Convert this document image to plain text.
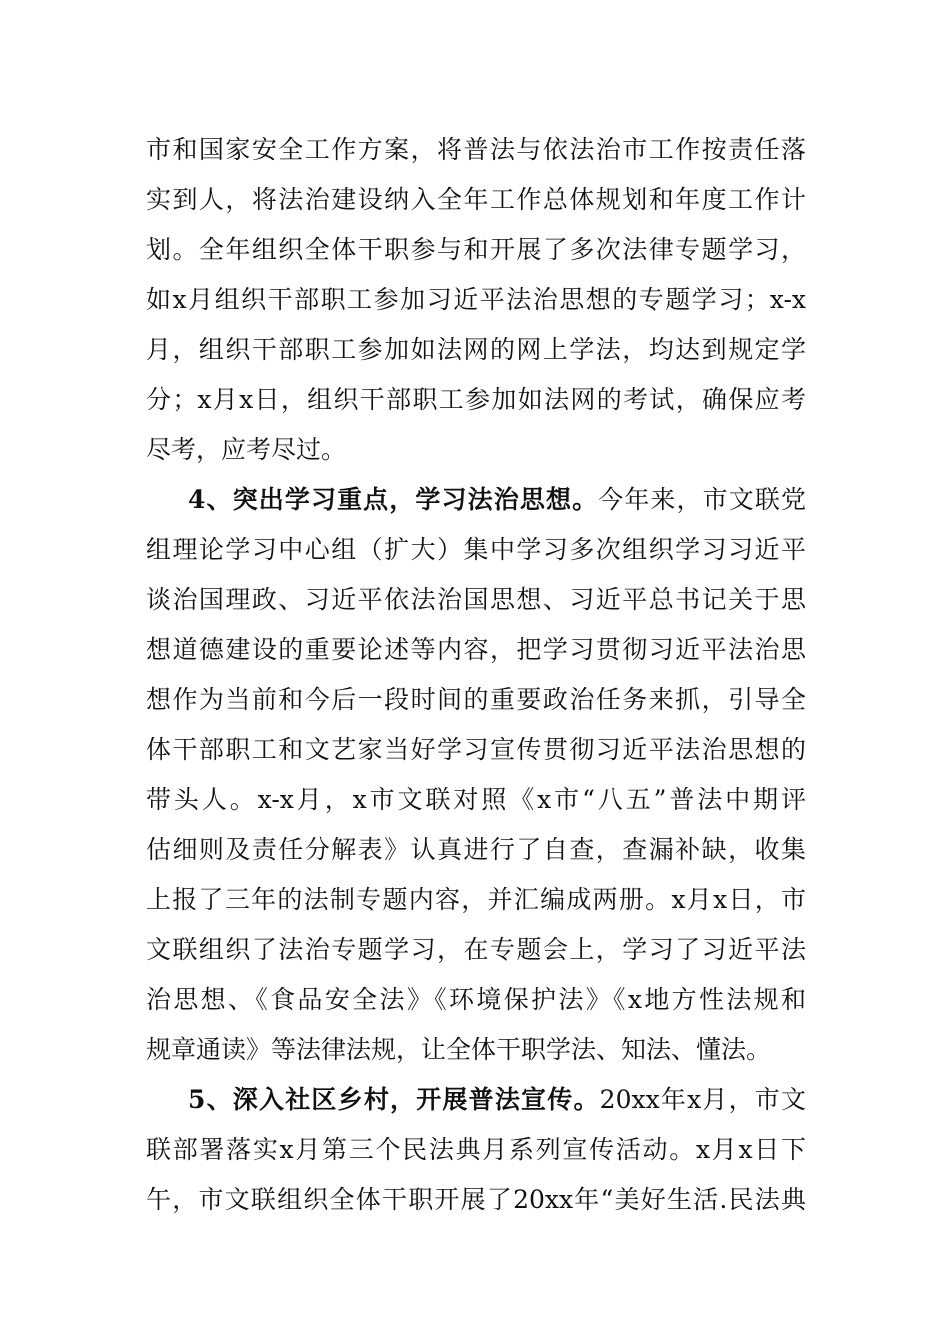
市和国家安全工作方案，将普法与依法治市工作按责任落
实到人，将法治建设纳入全年工作总体规划和年度工作计
划。全年组织全体干职参与和开展了多次法律专题学习，
如x月组织干部职工参加习近平法治思想的专题学习；x-x
月，组织干部职工参加如法网的网上学法，均达到规定学
分；x月x日，组织干部职工参加如法网的考试，确保应考
尽考，应考尽过。
4、突出学习重点，学习法治思想。今年来，市文联党
组理论学习中心组（扩大）集中学习多次组织学习习近平
谈治国理政、习近平依法治国思想、习近平总书记关于思
想道德建设的重要论述等内容，把学习贯彻习近平法治思
想作为当前和今后一段时间的重要政治任务来抓，引导全
体干部职工和文艺家当好学习宣传贯彻习近平法治思想的
带头人。x-x月，x市文联对照《x市“八五”普法中期评
估细则及责任分解表》认真进行了自查，查漏补缺，收集
上报了三年的法制专题内容，并汇编成两册。x月x日，市
文联组织了法治专题学习，在专题会上，学习了习近平法
治思想、《食品安全法》《环境保护法》《x地方性法规和
规章通读》等法律法规，让全体干职学法、知法、懂法。
5、深入社区乡村，开展普法宣传。20xx年x月，市文
联部署落实x月第三个民法典月系列宣传活动。x月x日下
午，市文联组织全体干职开展了20xx年“美好生活.民法典
